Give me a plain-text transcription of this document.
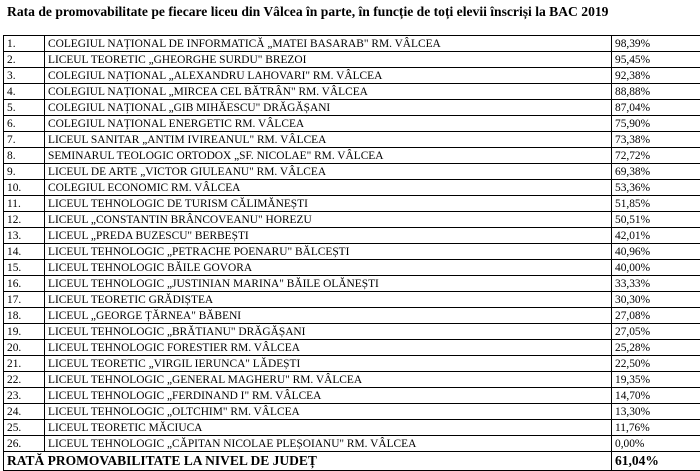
Rata de promovabilitate pe fiecare liceu din Vâlcea în parte, în funcție de toți elevii înscriși la BAC 2019
1.	COLEGIUL NAȚIONAL DE INFORMATICĂ „MATEI BASARAB" RM. VÂLCEA	98,39%
2.	LICEUL TEORETIC „GHEORGHE SURDU" BREZOI	95,45%
3.	COLEGIUL NAȚIONAL „ALEXANDRU LAHOVARI" RM. VÂLCEA	92,38%
4.	COLEGIUL NAȚIONAL „MIRCEA CEL BĂTRÂN" RM. VÂLCEA	88,88%
5.	COLEGIUL NAȚIONAL „GIB MIHĂESCU" DRĂGĂȘANI	87,04%
6.	COLEGIUL NAȚIONAL ENERGETIC RM. VÂLCEA	75,90%
7.	LICEUL SANITAR „ANTIM IVIREANUL" RM. VÂLCEA	73,38%
8.	SEMINARUL TEOLOGIC ORTODOX „SF. NICOLAE" RM. VÂLCEA	72,72%
9.	LICEUL DE ARTE „VICTOR GIULEANU" RM. VÂLCEA	69,38%
10.	COLEGIUL ECONOMIC RM. VÂLCEA	53,36%
11.	LICEUL TEHNOLOGIC DE TURISM CĂLIMĂNEȘTI	51,85%
12.	LICEUL „CONSTANTIN BRÂNCOVEANU" HOREZU	50,51%
13.	LICEUL „PREDA BUZESCU" BERBEȘTI	42,01%
14.	LICEUL TEHNOLOGIC „PETRACHE POENARU" BĂLCEȘTI	40,96%
15.	LICEUL TEHNOLOGIC BĂILE GOVORA	40,00%
16.	LICEUL TEHNOLOGIC „JUSTINIAN MARINA" BĂILE OLĂNEȘTI	33,33%
17.	LICEUL TEORETIC GRĂDIȘTEA	30,30%
18.	LICEUL „GEORGE ȚĂRNEA" BĂBENI	27,08%
19.	LICEUL TEHNOLOGIC „BRĂTIANU" DRĂGĂȘANI	27,05%
20.	LICEUL TEHNOLOGIC FORESTIER RM. VÂLCEA	25,28%
21.	LICEUL TEORETIC „VIRGIL IERUNCA" LĂDEȘTI	22,50%
22.	LICEUL TEHNOLOGIC „GENERAL MAGHERU" RM. VÂLCEA	19,35%
23.	LICEUL TEHNOLOGIC „FERDINAND I" RM. VÂLCEA	14,70%
24.	LICEUL TEHNOLOGIC „OLTCHIM" RM. VÂLCEA	13,30%
25.	LICEUL TEORETIC MĂCIUCA	11,76%
26.	LICEUL TEHNOLOGIC „CĂPITAN NICOLAE PLEȘOIANU" RM. VÂLCEA	0,00%
RATĂ PROMOVABILITATE LA NIVEL DE JUDEȚ		61,04%
